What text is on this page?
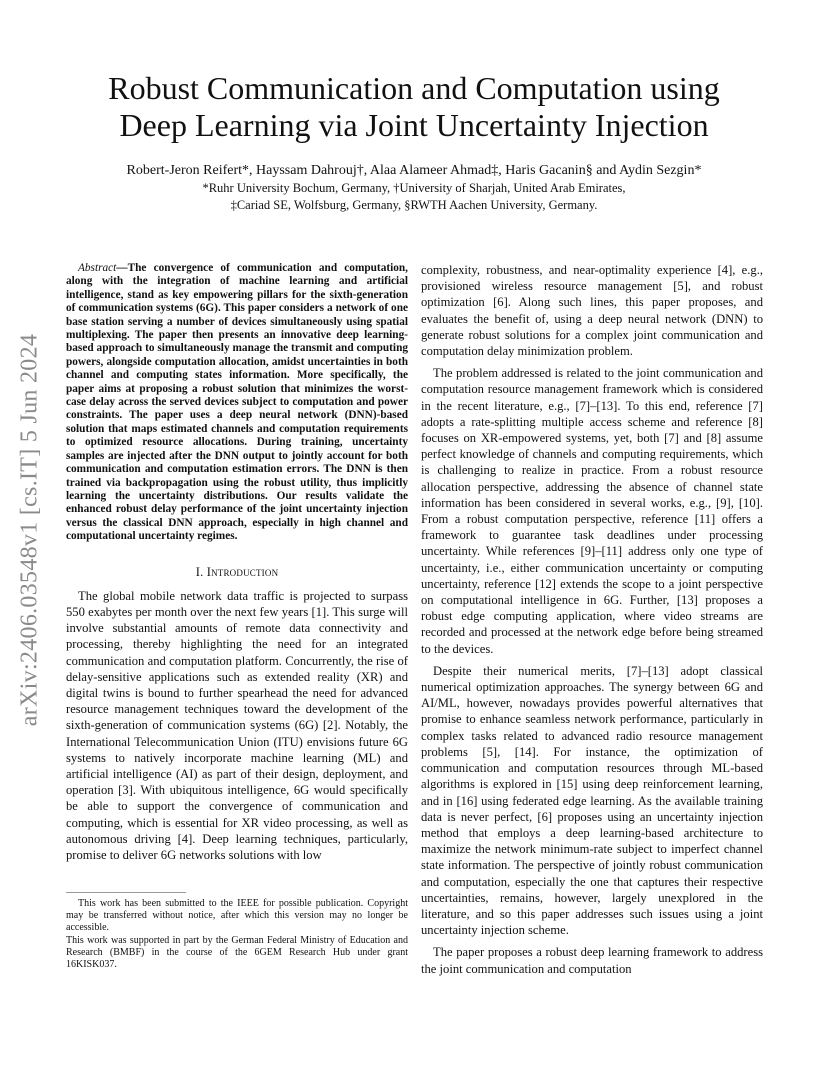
arXiv:2406.03548v1 [cs.IT] 5 Jun 2024
Robust Communication and Computation using
Deep Learning via Joint Uncertainty Injection
Robert-Jeron Reifert*, Hayssam Dahrouj†, Alaa Alameer Ahmad‡, Haris Gacanin§ and Aydin Sezgin*
*Ruhr University Bochum, Germany, †University of Sharjah, United Arab Emirates,
‡Cariad SE, Wolfsburg, Germany, §RWTH Aachen University, Germany.

Abstract—The convergence of communication and computation, along with the integration of machine learning and artificial intelligence, stand as key empowering pillars for the sixth-generation of communication systems (6G). This paper considers a network of one base station serving a number of devices simultaneously using spatial multiplexing. The paper then presents an innovative deep learning-based approach to simultaneously manage the transmit and computing powers, alongside computation allocation, amidst uncertainties in both channel and computing states information. More specifically, the paper aims at proposing a robust solution that minimizes the worst-case delay across the served devices subject to computation and power constraints. The paper uses a deep neural network (DNN)-based solution that maps estimated channels and computation requirements to optimized resource allocations. During training, uncertainty samples are injected after the DNN output to jointly account for both communication and computation estimation errors. The DNN is then trained via backpropagation using the robust utility, thus implicitly learning the uncertainty distributions. Our results validate the enhanced robust delay performance of the joint uncertainty injection versus the classical DNN approach, especially in high channel and computational uncertainty regimes.

I. Introduction

The global mobile network data traffic is projected to surpass 550 exabytes per month over the next few years [1]. This surge will involve substantial amounts of remote data connectivity and processing, thereby highlighting the need for an integrated communication and computation platform. Concurrently, the rise of delay-sensitive applications such as extended reality (XR) and digital twins is bound to further spearhead the need for advanced resource management techniques toward the development of the sixth-generation of communication systems (6G) [2]. Notably, the International Telecommunication Union (ITU) envisions future 6G systems to natively incorporate machine learning (ML) and artificial intelligence (AI) as part of their design, deployment, and operation [3]. With ubiquitous intelligence, 6G would specifically be able to support the convergence of communication and computing, which is essential for XR video processing, as well as autonomous driving [4]. Deep learning techniques, particularly, promise to deliver 6G networks solutions with low

This work has been submitted to the IEEE for possible publication. Copyright may be transferred without notice, after which this version may no longer be accessible.

This work was supported in part by the German Federal Ministry of Education and Research (BMBF) in the course of the 6GEM Research Hub under grant 16KISK037.

complexity, robustness, and near-optimality experience [4], e.g., provisioned wireless resource management [5], and robust optimization [6]. Along such lines, this paper proposes, and evaluates the benefit of, using a deep neural network (DNN) to generate robust solutions for a complex joint communication and computation delay minimization problem.

The problem addressed is related to the joint communication and computation resource management framework which is considered in the recent literature, e.g., [7]–[13]. To this end, reference [7] adopts a rate-splitting multiple access scheme and reference [8] focuses on XR-empowered systems, yet, both [7] and [8] assume perfect knowledge of channels and computing requirements, which is challenging to realize in practice. From a robust resource allocation perspective, addressing the absence of channel state information has been considered in several works, e.g., [9], [10]. From a robust computation perspective, reference [11] offers a framework to guarantee task deadlines under processing uncertainty. While references [9]–[11] address only one type of uncertainty, i.e., either communication uncertainty or computing uncertainty, reference [12] extends the scope to a joint perspective on computational intelligence in 6G. Further, [13] proposes a robust edge computing application, where video streams are recorded and processed at the network edge before being streamed to the devices.

Despite their numerical merits, [7]–[13] adopt classical numerical optimization approaches. The synergy between 6G and AI/ML, however, nowadays provides powerful alternatives that promise to enhance seamless network performance, particularly in complex tasks related to advanced radio resource management problems [5], [14]. For instance, the optimization of communication and computation resources through ML-based algorithms is explored in [15] using deep reinforcement learning, and in [16] using federated edge learning. As the available training data is never perfect, [6] proposes using an uncertainty injection method that employs a deep learning-based architecture to maximize the network minimum-rate subject to imperfect channel state information. The perspective of jointly robust communication and computation, especially the one that captures their respective uncertainties, remains, however, largely unexplored in the literature, and so this paper addresses such issues using a joint uncertainty injection scheme.

The paper proposes a robust deep learning framework to address the joint communication and computation
